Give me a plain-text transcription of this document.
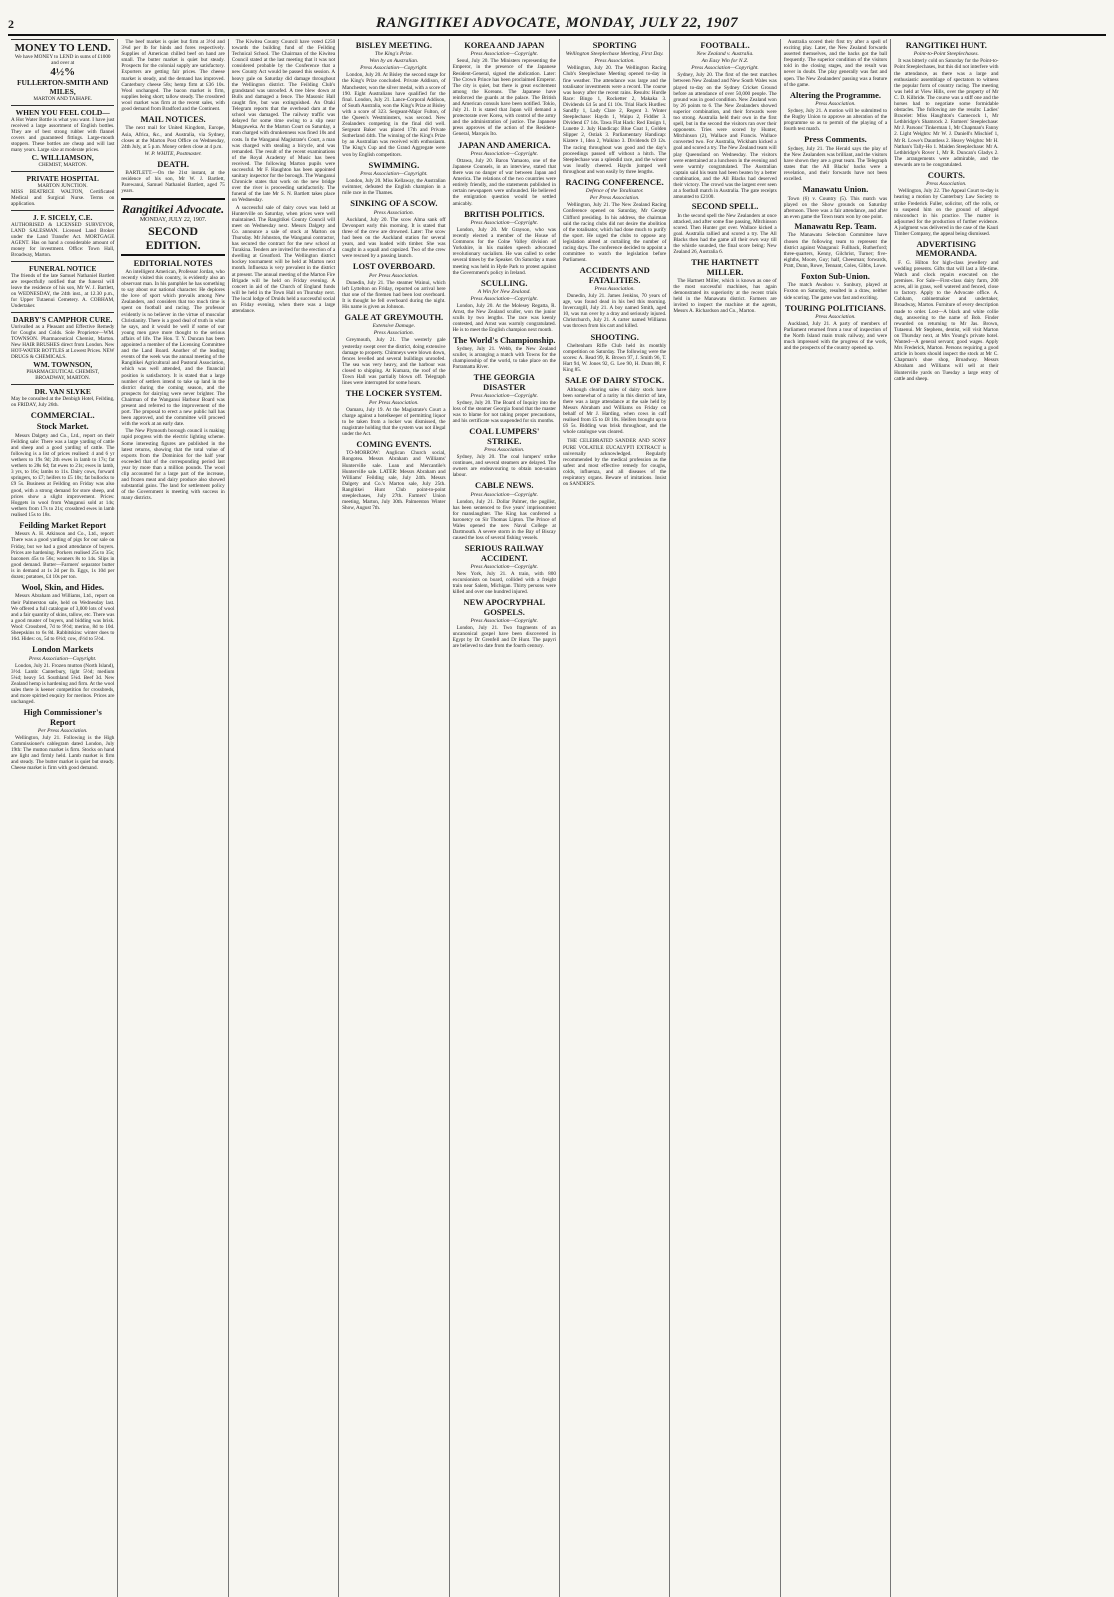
2	RANGITIKEI ADVOCATE, MONDAY, JULY 22, 1907
MONEY TO LEND.
We have MONEY to LEND in sums of £1000 and over at
4½%
FULLERTON-SMITH AND MILES,
MARTON AND TAIHAPE.
WHEN YOU FEEL COLD—
A Hot Water Bottle is what you want. I have just received a large assortment of English bottles. They are of best strong rubber with flannel covers and guaranteed fittings. Large-mouth stoppers. These bottles are cheap and will last many years. Large size at moderate prices.
C. WILLIAMSON,
CHEMIST, MARTON.
PRIVATE HOSPITAL
MARTON JUNCTION.
MISS BEATRICE WALTON, Certificated Medical and Surgical Nurse. Terms on application.
J. F. SICELY, C.E.
AUTHORISED & LICENSED SURVEYOR, LAND SALESMAN. Licensed Land Broker under the Land Transfer Act. MORTGAGE AGENT. Has on hand a considerable amount of money for investment. Office: Town Hall, Broadway, Marton.
FUNERAL NOTICE
The friends of the late Samuel Nathaniel Bartlett are respectfully notified that the funeral will leave the residence of his son, Mr W. J. Bartlett, on WEDNESDAY, the 24th inst., at 12.30 p.m., for Upper Tutaenui Cemetery. A. COBHAM, Undertaker.
DARBY'S CAMPHOR CURE.
Unrivalled as a Pleasant and Effective Remedy for Coughs and Colds. Sole Proprietor—WM. TOWNSON. Pharmaceutical Chemist, Marton. New HAIR BRUSHES direct from London. New HOT-WATER BOTTLES at Lowest Prices. NEW DRUGS & CHEMICALS.
WM. TOWNSON,
PHARMACEUTICAL CHEMIST, BROADWAY, MARTON.
DR. VAN SLYKE
May be consulted at the Denbigh Hotel, Feilding, on FRIDAY, July 26th.
COMMERCIAL.
Stock Market.

Messrs Dalgety and Co., Ltd., report on their Feilding sale: There was a large yarding of cattle and sheep and a good yarding of cattle. The following is a list of prices realised: 4 and 6 yr wethers to 19s 9d; 2th ewes in lamb to 17s; fat wethers to 28s 6d; fat ewes to 21s; ewes in lamb, 3 yrs, to 16s; lambs to 11s. Dairy cows, forward springers, to £7; heifers to £5 10s; fat bullocks to £9 5s. Business at Feilding on Friday was also good, with a strong demand for store sheep, and prices show a slight improvement. Prices: Hoggets in wool from Wanganui sold at 14s; wethers from 17s to 21s; crossbred ewes in lamb realised 15s to 18s.

Feilding Market Report

Messrs A. H. Atkinson and Co., Ltd., report: There was a good yarding of pigs for our sale on Friday, but we had a good attendance of buyers. Prices are hardening. Porkers realised 25s to 35s; baconers 45s to 56s; weaners 8s to 14s. Slips in good demand. Butter—Farmers' separator butter is in demand at 1s 2d per lb. Eggs, 1s 10d per dozen; potatoes, £4 10s per ton.

Wool, Skin, and Hides.

Messrs Abraham and Williams, Ltd., report on their Palmerston sale, held on Wednesday last. We offered a full catalogue of 3,000 lots of wool and a fair quantity of skins, tallow, etc. There was a good muster of buyers, and bidding was brisk. Wool: Crossbred, 7d to 9½d; merino, 8d to 10d. Sheepskins to 6s 8d. Rabbitskins: winter does to 16d. Hides: ox, 5d to 6½d; cow, 4½d to 5½d.

London Markets
Press Association—Copyright.

London, July 21. Frozen mutton (North Island), 3½d. Lamb: Canterbury, light 5½d; medium 5¼d; heavy 5d. Southland 5¼d. Beef 3d. New Zealand hemp is hardening and firm. At the wool sales there is keener competition for crossbreds, and more spirited enquiry for merinos. Prices are unchanged.

High Commissioner's Report
Per Press Association.

Wellington, July 21. Following is the High Commissioner's cablegram dated London, July 19th: The mutton market is firm. Stocks on hand are light and firmly held. Lamb market is firm and steady. The butter market is quiet but steady. Cheese market is firm with good demand.

The beef market is quiet but firm at 3½d and 3¾d per lb for hinds and fores respectively. Supplies of American chilled beef on hand are small. The butter market is quiet but steady. Prospects for the colonial supply are satisfactory. Exporters are getting fair prices. The cheese market is steady, and the demand has improved. Canterbury cheese 58s; hemp firm at £36 10s. Wool unchanged. The bacon market is firm, supplies being short; tallow steady. The crossbred wool market was firm at the recent sales, with good demand from Bradford and the Continent.

MAIL NOTICES.

The next mail for United Kingdom, Europe, Asia, Africa, &c., and Australia, via Sydney, closes at the Marton Post Office on Wednesday, 24th July, at 5 p.m. Money orders close at 4 p.m.

W. P. WHITE, Postmaster.
DEATH.

BARTLETT.—On the 21st instant, at the residence of his son, Mr W. J. Bartlett, Parewanui, Samuel Nathaniel Bartlett, aged 75 years.

Rangitikei Advocate.
MONDAY, JULY 22, 1907.
SECOND EDITION.
EDITORIAL NOTES

An intelligent American, Professor Jordan, who recently visited this country, is evidently also an observant man. In his pamphlet he has something to say about our national character. He deplores the love of sport which prevails among New Zealanders, and considers that too much time is spent on football and racing. The professor evidently is no believer in the virtue of muscular Christianity. There is a good deal of truth in what he says, and it would be well if some of our young men gave more thought to the serious affairs of life. The Hon. T. Y. Duncan has been appointed a member of the Licensing Committee and the Land Board. Another of the leading events of the week was the annual meeting of the Rangitikei Agricultural and Pastoral Association, which was well attended, and the financial position is satisfactory. It is stated that a large number of settlers intend to take up land in the district during the coming season, and the prospects for dairying were never brighter. The Chairman of the Wanganui Harbour Board was present and referred to the improvement of the port. The proposal to erect a new public hall has been approved, and the committee will proceed with the work at an early date.

The New Plymouth borough council is making rapid progress with the electric lighting scheme. Some interesting figures are published in the latest returns, showing that the total value of exports from the Dominion for the half year exceeded that of the corresponding period last year by more than a million pounds. The wool clip accounted for a large part of the increase, and frozen meat and dairy produce also showed substantial gains. The land for settlement policy of the Government is meeting with success in many districts.

The Kiwitea County Council have voted £250 towards the building fund of the Feilding Technical School. The Chairman of the Kiwitea Council stated at the last meeting that it was not considered probable by the Conference that a new County Act would be passed this session. A heavy gale on Saturday did damage throughout the Wellington district. The Feilding Club's grandstand was unroofed. A tree blew down at Bulls and damaged a fence. The Masonic Hall caught fire, but was extinguished. An Otaki Telegram reports that the overhead dam at the school was damaged. The railway traffic was delayed for some time owing to a slip near Mangaweka. At the Marton Court on Saturday, a man charged with drunkenness was fined 10s and costs. In the Wanganui Magistrate's Court, a man was charged with stealing a bicycle, and was remanded. The result of the recent examinations of the Royal Academy of Music has been received. The following Marton pupils were successful. Mr F. Haughton has been appointed sanitary inspector for the borough. The Wanganui Chronicle states that work on the new bridge over the river is proceeding satisfactorily. The funeral of the late Mr S. N. Bartlett takes place on Wednesday.

A successful sale of dairy cows was held at Hunterville on Saturday, when prices were well maintained. The Rangitikei County Council will meet on Wednesday next. Messrs Dalgety and Co. announce a sale of stock at Marton on Thursday. Mr Johnston, the Wanganui contractor, has secured the contract for the new school at Turakina. Tenders are invited for the erection of a dwelling at Greatford. The Wellington district hockey tournament will be held at Marton next month. Influenza is very prevalent in the district at present. The annual meeting of the Marton Fire Brigade will be held on Friday evening. A concert in aid of the Church of England funds will be held in the Town Hall on Thursday next. The local lodge of Druids held a successful social on Friday evening, when there was a large attendance.

BISLEY MEETING.
The King's Prize.
Won by an Australian.
Press Association—Copyright.

London, July 20. At Bisley the second stage for the King's Prize concluded. Private Addison, of Manchester, won the silver medal, with a score of 190. Eight Australians have qualified for the final. London, July 21. Lance-Corporal Addison, of South Australia, won the King's Prize at Bisley with a score of 323. Sergeant-Major Fulton, of the Queen's Westminsters, was second. New Zealanders competing in the final did well. Sergeant Baker was placed 17th and Private Sutherland 44th. The winning of the King's Prize by an Australian was received with enthusiasm. The King's Cup and the Grand Aggregate were won by English competitors.

SWIMMING.
Press Association—Copyright.

London, July 20. Miss Kellaway, the Australian swimmer, defeated the English champion in a mile race in the Thames.

SINKING OF A SCOW.
Press Association.

Auckland, July 20. The scow Alma sank off Devonport early this morning. It is stated that three of the crew are drowned. Later: The scow had been on the Auckland station for several years, and was loaded with timber. She was caught in a squall and capsized. Two of the crew were rescued by a passing launch.

LOST OVERBOARD.
Per Press Association.

Dunedin, July 21. The steamer Wainui, which left Lyttelton on Friday, reported on arrival here that one of the firemen had been lost overboard. It is thought he fell overboard during the night. His name is given as Johnson.

GALE AT GREYMOUTH.
Extensive Damage.
Press Association.

Greymouth, July 21. The westerly gale yesterday swept over the district, doing extensive damage to property. Chimneys were blown down, fences levelled and several buildings unroofed. The sea was very heavy, and the harbour was closed to shipping. At Kumara, the roof of the Town Hall was partially blown off. Telegraph lines were interrupted for some hours.

THE LOCKER SYSTEM.
Per Press Association.

Oamaru, July 19. At the Magistrate's Court a charge against a hotelkeeper of permitting liquor to be taken from a locker was dismissed, the magistrate holding that the system was not illegal under the Act.

COMING EVENTS.

TO-MORROW: Anglican Church social, Rongotea. Messrs Abraham and Williams' Hunterville sale. Loan and Mercantile's Hunterville sale. LATER: Messrs Abraham and Williams' Feilding sale, July 24th. Messrs Dalgety and Co.'s Marton sale, July 25th. Rangitikei Hunt Club point-to-point steeplechases, July 27th. Farmers' Union meeting, Marton, July 30th. Palmerston Winter Show, August 7th.

KOREA AND JAPAN
Press Association—Copyright.

Seoul, July 20. The Ministers representing the Emperor, in the presence of the Japanese Resident-General, signed the abdication. Later: The Crown Prince has been proclaimed Emperor. The city is quiet, but there is great excitement among the Koreans. The Japanese have reinforced the guards at the palace. The British and American consuls have been notified. Tokio, July 21. It is stated that Japan will demand a protectorate over Korea, with control of the army and the administration of justice. The Japanese press approves of the action of the Resident-General, Marquis Ito.

JAPAN AND AMERICA.
Press Association—Copyright.

Ottawa, July 20. Baron Yamaoto, one of the Japanese Counsels, in an interview, stated that there was no danger of war between Japan and America. The relations of the two countries were entirely friendly, and the statements published in certain newspapers were unfounded. He believed the emigration question would be settled amicably.

BRITISH POLITICS.
Press Association—Copyright.

London, July 20. Mr Grayson, who was recently elected a member of the House of Commons for the Colne Valley division of Yorkshire, in his maiden speech advocated revolutionary socialism. He was called to order several times by the Speaker. On Saturday a mass meeting was held in Hyde Park to protest against the Government's policy in Ireland.

SCULLING.
A Win for New Zealand.
Press Association—Copyright.

London, July 20. At the Molesey Regatta, R. Arnst, the New Zealand sculler, won the junior sculls by two lengths. The race was keenly contested, and Arnst was warmly congratulated. He is to meet the English champion next month.

The World's Championship.

Sydney, July 21. Webb, the New Zealand sculler, is arranging a match with Towns for the championship of the world, to take place on the Parramatta River.

THE GEORGIA DISASTER
Press Association—Copyright.

Sydney, July 20. The Board of Inquiry into the loss of the steamer Georgia found that the master was to blame for not taking proper precautions, and his certificate was suspended for six months.

COAL LUMPERS' STRIKE.
Press Association.

Sydney, July 20. The coal lumpers' strike continues, and several steamers are delayed. The owners are endeavouring to obtain non-union labour.

CABLE NEWS.
Press Association—Copyright.

London, July 21. Dollar Palmer, the pugilist, has been sentenced to five years' imprisonment for manslaughter. The King has conferred a baronetcy on Sir Thomas Lipton. The Prince of Wales opened the new Naval College at Dartmouth. A severe storm in the Bay of Biscay caused the loss of several fishing vessels.

SERIOUS RAILWAY ACCIDENT.
Press Association—Copyright.

New York, July 21. A train, with 800 excursionists on board, collided with a freight train near Salem, Michigan. Thirty persons were killed and over one hundred injured.

NEW APOCRYPHAL GOSPELS.
Press Association—Copyright.

London, July 21. Two fragments of an uncanonical gospel have been discovered in Egypt by Dr Grenfell and Dr Hunt. The papyri are believed to date from the fourth century.

SPORTING
Wellington Steeplechase Meeting, First Day.
Press Association.

Wellington, July 20. The Wellington Racing Club's Steeplechase Meeting opened to-day in fine weather. The attendance was large and the totalisator investments were a record. The course was heavy after the recent rains. Results: Hurdle Race: Bingo 1, Rocketter 2, Makaka 3. Dividends £4 5s and £1 10s. Trial Hack Hurdles: Sandfly 1, Lady Clare 2, Regent 3. Winter Steeplechase: Haydn 1, Waipu 2, Fiddler 3. Dividend £7 14s. Tawa Flat Hack: Red Ensign 1, Lunette 2. July Handicap: Blue Coat 1, Golden Slipper 2, Ostiak 3. Parliamentary Handicap: Kiatere 1, Idea 2, Waikino 3. Dividends £9 12s. The racing throughout was good and the day's proceedings passed off without a hitch. The Steeplechase was a splendid race, and the winner was loudly cheered. Haydn jumped well throughout and won easily by three lengths.

RACING CONFERENCE.
Defence of the Totalisator.
Per Press Association.

Wellington, July 21. The New Zealand Racing Conference opened on Saturday, Mr George Clifford presiding. In his address, the chairman said the racing clubs did not desire the abolition of the totalisator, which had done much to purify the sport. He urged the clubs to oppose any legislation aimed at curtailing the number of racing days. The conference decided to appoint a committee to watch the legislation before Parliament.

ACCIDENTS AND FATALITIES.
Press Association.

Dunedin, July 21. James Jenkins, 70 years of age, was found dead in his bed this morning. Invercargill, July 21. A boy named Smith, aged 10, was run over by a dray and seriously injured. Christchurch, July 21. A carter named Williams was thrown from his cart and killed.

SHOOTING.

Cheltenham Rifle Club held its monthly competition on Saturday. The following were the scores: A. Read 99, R. Brown 97, J. Smith 96, T. Hart 94, W. Jones 92, G. Lee 90, H. Dunn 88, F. King 85.

SALE OF DAIRY STOCK.

Although clearing sales of dairy stock have been somewhat of a rarity in this district of late, there was a large attendance at the sale held by Messrs Abraham and Williams on Friday on behalf of Mr J. Harding, when cows in calf realised from £5 to £8 10s. Heifers brought up to £6 5s. Bidding was brisk throughout, and the whole catalogue was cleared.

THE CELEBRATED SANDER AND SONS' PURE VOLATILE EUCALYPTI EXTRACT is universally acknowledged. Regularly recommended by the medical profession as the safest and most effective remedy for coughs, colds, influenza, and all diseases of the respiratory organs. Beware of imitations. Insist on SANDER'S.

FOOTBALL.
New Zealand v. Australia.
An Easy Win for N.Z.
Press Association—Copyright.

Sydney, July 20. The first of the test matches between New Zealand and New South Wales was played to-day on the Sydney Cricket Ground before an attendance of over 50,000 people. The ground was in good condition. New Zealand won by 26 points to 6. The New Zealanders showed superior combination, and their forwards were too strong. Australia held their own in the first spell, but in the second the visitors ran over their opponents. Tries were scored by Hunter, Mitchinson (2), Wallace and Francis. Wallace converted two. For Australia, Wickham kicked a goal and scored a try. The New Zealand team will play Queensland on Wednesday. The visitors were entertained at a luncheon in the evening and were warmly congratulated. The Australian captain said his team had been beaten by a better combination, and the All Blacks had deserved their victory. The crowd was the largest ever seen at a football match in Australia. The gate receipts amounted to £2100.

SECOND SPELL.

In the second spell the New Zealanders at once attacked, and after some fine passing, Mitchinson scored. Then Hunter got over. Wallace kicked a goal. Australia rallied and scored a try. The All Blacks then had the game all their own way till the whistle sounded, the final score being: New Zealand 26, Australia 6.

THE HARTNETT MILLER.

The Hartnett Miller, which is known as one of the most successful machines, has again demonstrated its superiority at the recent trials held in the Manawatu district. Farmers are invited to inspect the machine at the agents, Messrs A. Richardson and Co., Marton.

Australia scored their first try after a spell of exciting play. Later, the New Zealand forwards asserted themselves, and the backs got the ball frequently. The superior condition of the visitors told in the closing stages, and the result was never in doubt. The play generally was fast and open. The New Zealanders' passing was a feature of the game.

Altering the Programme.
Press Association.

Sydney, July 21. A motion will be submitted to the Rugby Union to approve an alteration of the programme so as to permit of the playing of a fourth test match.

Press Comments.

Sydney, July 21. The Herald says the play of the New Zealanders was brilliant, and the visitors have shown they are a great team. The Telegraph states that the All Blacks' backs were a revelation, and their forwards have not been excelled.

Manawatu Union.

Town (6) v. Country (5). This match was played on the Show grounds on Saturday afternoon. There was a fair attendance, and after an even game the Town team won by one point.

Manawatu Rep. Team.

The Manawatu Selection Committee have chosen the following team to represent the district against Wanganui: Fullback, Rutherford; three-quarters, Kenny, Gilchrist, Turner; five-eighths, Moore, Guy; half, Cheesman; forwards, Pratt, Dunn, Rowe, Tennant, Coles, Gibbs, Lowe.

Foxton Sub-Union.

The match Awahou v. Sunbury, played at Foxton on Saturday, resulted in a draw, neither side scoring. The game was fast and exciting.

TOURING POLITICIANS.
Press Association.

Auckland, July 21. A party of members of Parliament returned from a tour of inspection of the North Island main trunk railway, and were much impressed with the progress of the work, and the prospects of the country opened up.

RANGITIKEI HUNT.
Point-to-Point Steeplechases.

It was bitterly cold on Saturday for the Point-to-Point Steeplechases, but this did not interfere with the attendance, as there was a large and enthusiastic assemblage of spectators to witness the popular form of country racing. The meeting was held at View Hills, over the property of Mr C. D. Kilbride. The course was a stiff one and the horses had to negotiate some formidable obstacles. The following are the results: Ladies' Bracelet: Miss Haughton's Gamecock 1, Mr Lethbridge's Shamrock 2. Farmers' Steeplechase: Mr J. Parsons' Tinkerman 1, Mr Chapman's Fanny 2. Light Weights: Mr W. J. Daniell's Mischief 1, Mr R. Lowe's Dauntless 2. Heavy Weights: Mr H. Nathan's Tally-Ho 1. Maiden Steeplechase: Mr A. Lethbridge's Rover 1, Mr R. Duncan's Gladys 2. The arrangements were admirable, and the stewards are to be congratulated.

COURTS.
Press Association.

Wellington, July 22. The Appeal Court to-day is hearing a motion by Canterbury Law Society to strike Frederick Fuller, solicitor, off the rolls, or to suspend him on the ground of alleged misconduct in his practice. The matter is adjourned for the production of further evidence. A judgment was delivered in the case of the Kauri Timber Company, the appeal being dismissed.

ADVERTISING MEMORANDA.

F. G. Hilton for high-class jewellery and wedding presents. Gifts that will last a life-time. Watch and clock repairs executed on the premises. For Sale—First-class dairy farm, 200 acres, all in grass, well watered and fenced, close to factory. Apply to the Advocate office. A. Cobham, cabinetmaker and undertaker, Broadway, Marton. Furniture of every description made to order. Lost—A black and white collie dog, answering to the name of Bob. Finder rewarded on returning to Mr Jas. Brown, Tutaenui. Mr Stephens, dentist, will visit Marton on Thursday next, at Mrs Young's private hotel. Wanted—A general servant; good wages. Apply Mrs Frederick, Marton. Persons requiring a good article in boots should inspect the stock at Mr C. Chapman's shoe shop, Broadway. Messrs Abraham and Williams will sell at their Hunterville yards on Tuesday a large entry of cattle and sheep.
